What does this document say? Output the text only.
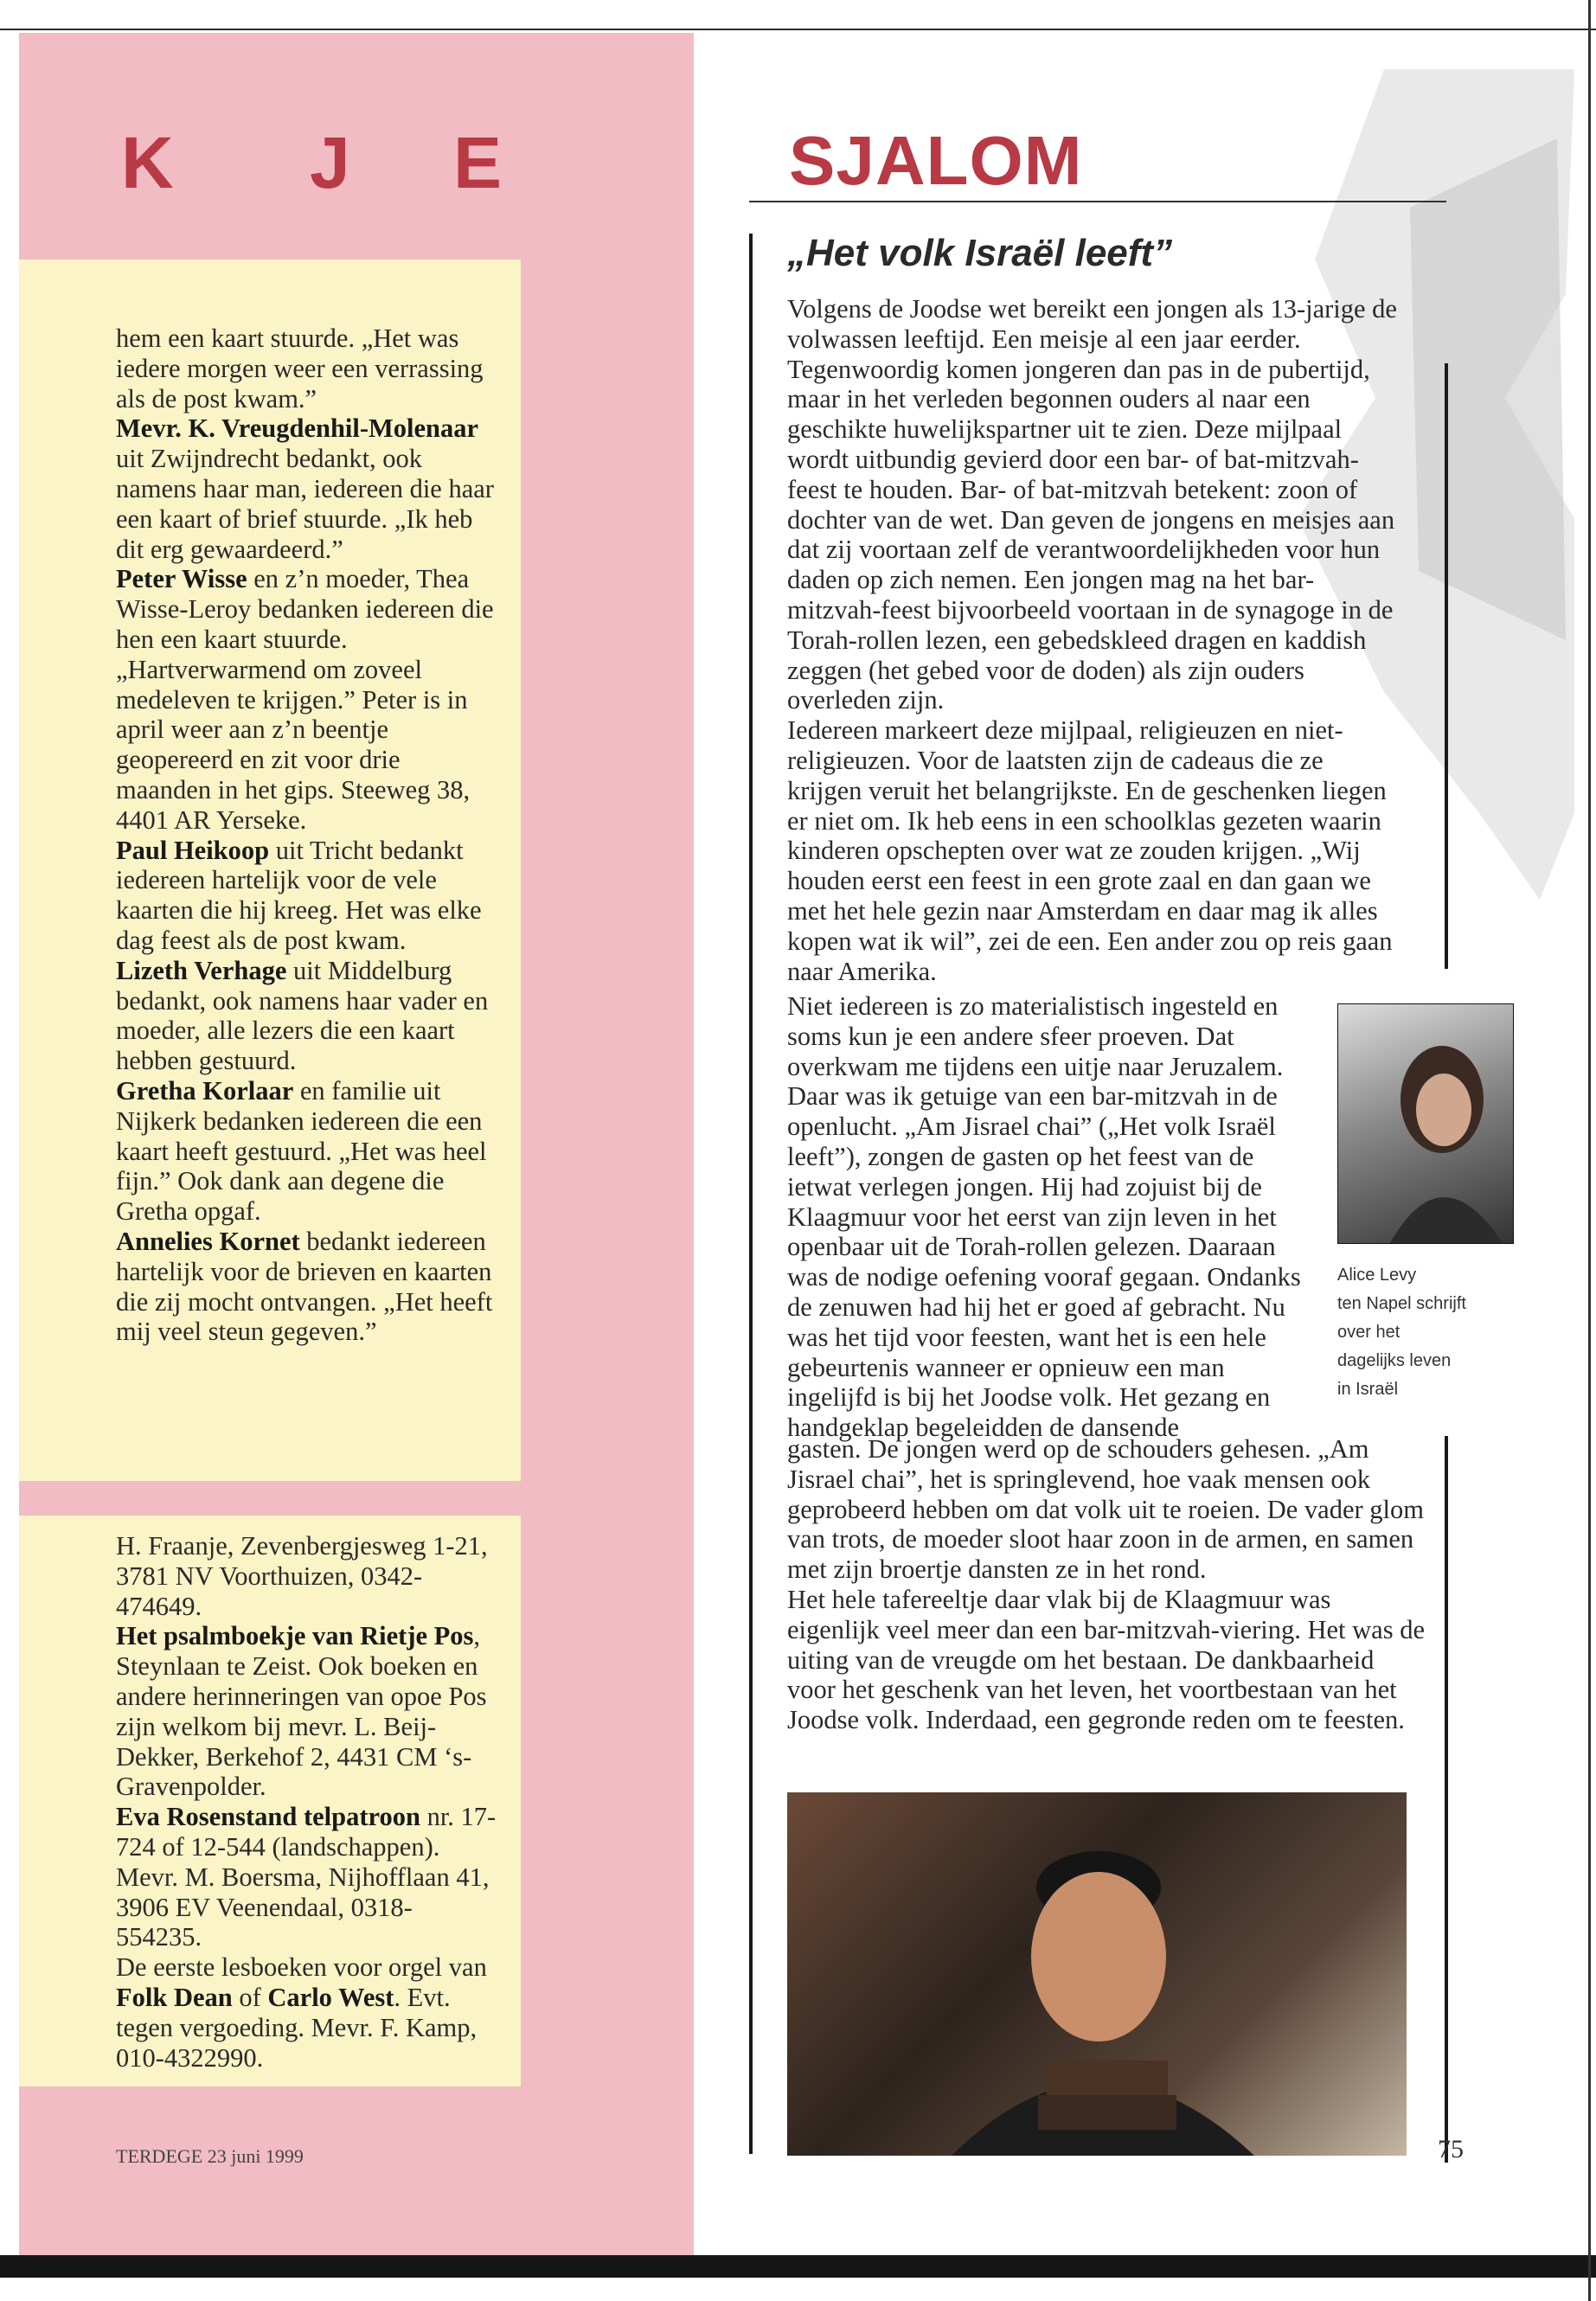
K J E

hem een kaart stuurde. „Het was iedere morgen weer een verrassing als de post kwam.”

Mevr. K. Vreugdenhil-Molenaar uit Zwijndrecht bedankt, ook namens haar man, iedereen die haar een kaart of brief stuurde. „Ik heb dit erg gewaardeerd.”

Peter Wisse en z’n moeder, Thea Wisse-Leroy bedanken iedereen die hen een kaart stuurde. „Hartverwarmend om zoveel medeleven te krijgen.” Peter is in april weer aan z’n beentje geopereerd en zit voor drie maanden in het gips. Steeweg 38, 4401 AR Yerseke.

Paul Heikoop uit Tricht bedankt iedereen hartelijk voor de vele kaarten die hij kreeg. Het was elke dag feest als de post kwam.

Lizeth Verhage uit Middelburg bedankt, ook namens haar vader en moeder, alle lezers die een kaart hebben gestuurd.

Gretha Korlaar en familie uit Nijkerk bedanken iedereen die een kaart heeft gestuurd. „Het was heel fijn.” Ook dank aan degene die Gretha opgaf.

Annelies Kornet bedankt iedereen hartelijk voor de brieven en kaarten die zij mocht ontvangen. „Het heeft mij veel steun gegeven.”

H. Fraanje, Zevenbergjesweg 1-21, 3781 NV Voorthuizen, 0342-474649.

Het psalmboekje van Rietje Pos, Steynlaan te Zeist. Ook boeken en andere herinneringen van opoe Pos zijn welkom bij mevr. L. Beij-Dekker, Berkehof 2, 4431 CM ‘s-Gravenpolder.

Eva Rosenstand telpatroon nr. 17-724 of 12-544 (landschappen). Mevr. M. Boersma, Nijhofflaan 41, 3906 EV Veenendaal, 0318-554235.

De eerste lesboeken voor orgel van Folk Dean of Carlo West. Evt. tegen vergoeding. Mevr. F. Kamp, 010-4322990.

TERDEGE 23 juni 1999
SJALOM
„Het volk Israël leeft”

Volgens de Joodse wet bereikt een jongen als 13-jarige de volwassen leeftijd. Een meisje al een jaar eerder. Tegenwoordig komen jongeren dan pas in de pubertijd, maar in het verleden begonnen ouders al naar een geschikte huwelijkspartner uit te zien. Deze mijlpaal wordt uitbundig gevierd door een bar- of bat-mitzvah-feest te houden. Bar- of bat-mitzvah betekent: zoon of dochter van de wet. Dan geven de jongens en meisjes aan dat zij voortaan zelf de verantwoordelijkheden voor hun daden op zich nemen. Een jongen mag na het bar-mitzvah-feest bijvoorbeeld voortaan in de synagoge in de Torah-rollen lezen, een gebedskleed dragen en kaddish zeggen (het gebed voor de doden) als zijn ouders overleden zijn.

Iedereen markeert deze mijlpaal, religieuzen en niet-religieuzen. Voor de laatsten zijn de cadeaus die ze krijgen veruit het belangrijkste. En de geschenken liegen er niet om. Ik heb eens in een schoolklas gezeten waarin kinderen opschepten over wat ze zouden krijgen. „Wij houden eerst een feest in een grote zaal en dan gaan we met het hele gezin naar Amsterdam en daar mag ik alles kopen wat ik wil”, zei de een. Een ander zou op reis gaan naar Amerika.

Niet iedereen is zo materialistisch ingesteld en soms kun je een andere sfeer proeven. Dat overkwam me tijdens een uitje naar Jeruzalem. Daar was ik getuige van een bar-mitzvah in de openlucht. „Am Jisrael chai” („Het volk Israël leeft”), zongen de gasten op het feest van de ietwat verlegen jongen. Hij had zojuist bij de Klaagmuur voor het eerst van zijn leven in het openbaar uit de Torah-rollen gelezen. Daaraan was de nodige oefening vooraf gegaan. Ondanks de zenuwen had hij het er goed af gebracht. Nu was het tijd voor feesten, want het is een hele gebeurtenis wanneer er opnieuw een man ingelijfd is bij het Joodse volk. Het gezang en handgeklap begeleidden de dansende

gasten. De jongen werd op de schouders gehesen. „Am Jisrael chai”, het is springlevend, hoe vaak mensen ook geprobeerd hebben om dat volk uit te roeien. De vader glom van trots, de moeder sloot haar zoon in de armen, en samen met zijn broertje dansten ze in het rond.

Het hele tafereeltje daar vlak bij de Klaagmuur was eigenlijk veel meer dan een bar-mitzvah-viering. Het was de uiting van de vreugde om het bestaan. De dankbaarheid voor het geschenk van het leven, het voortbestaan van het Joodse volk. Inderdaad, een gegronde reden om te feesten.

Alice Levy
ten Napel schrijft
over het
dagelijks leven
in Israël
75
